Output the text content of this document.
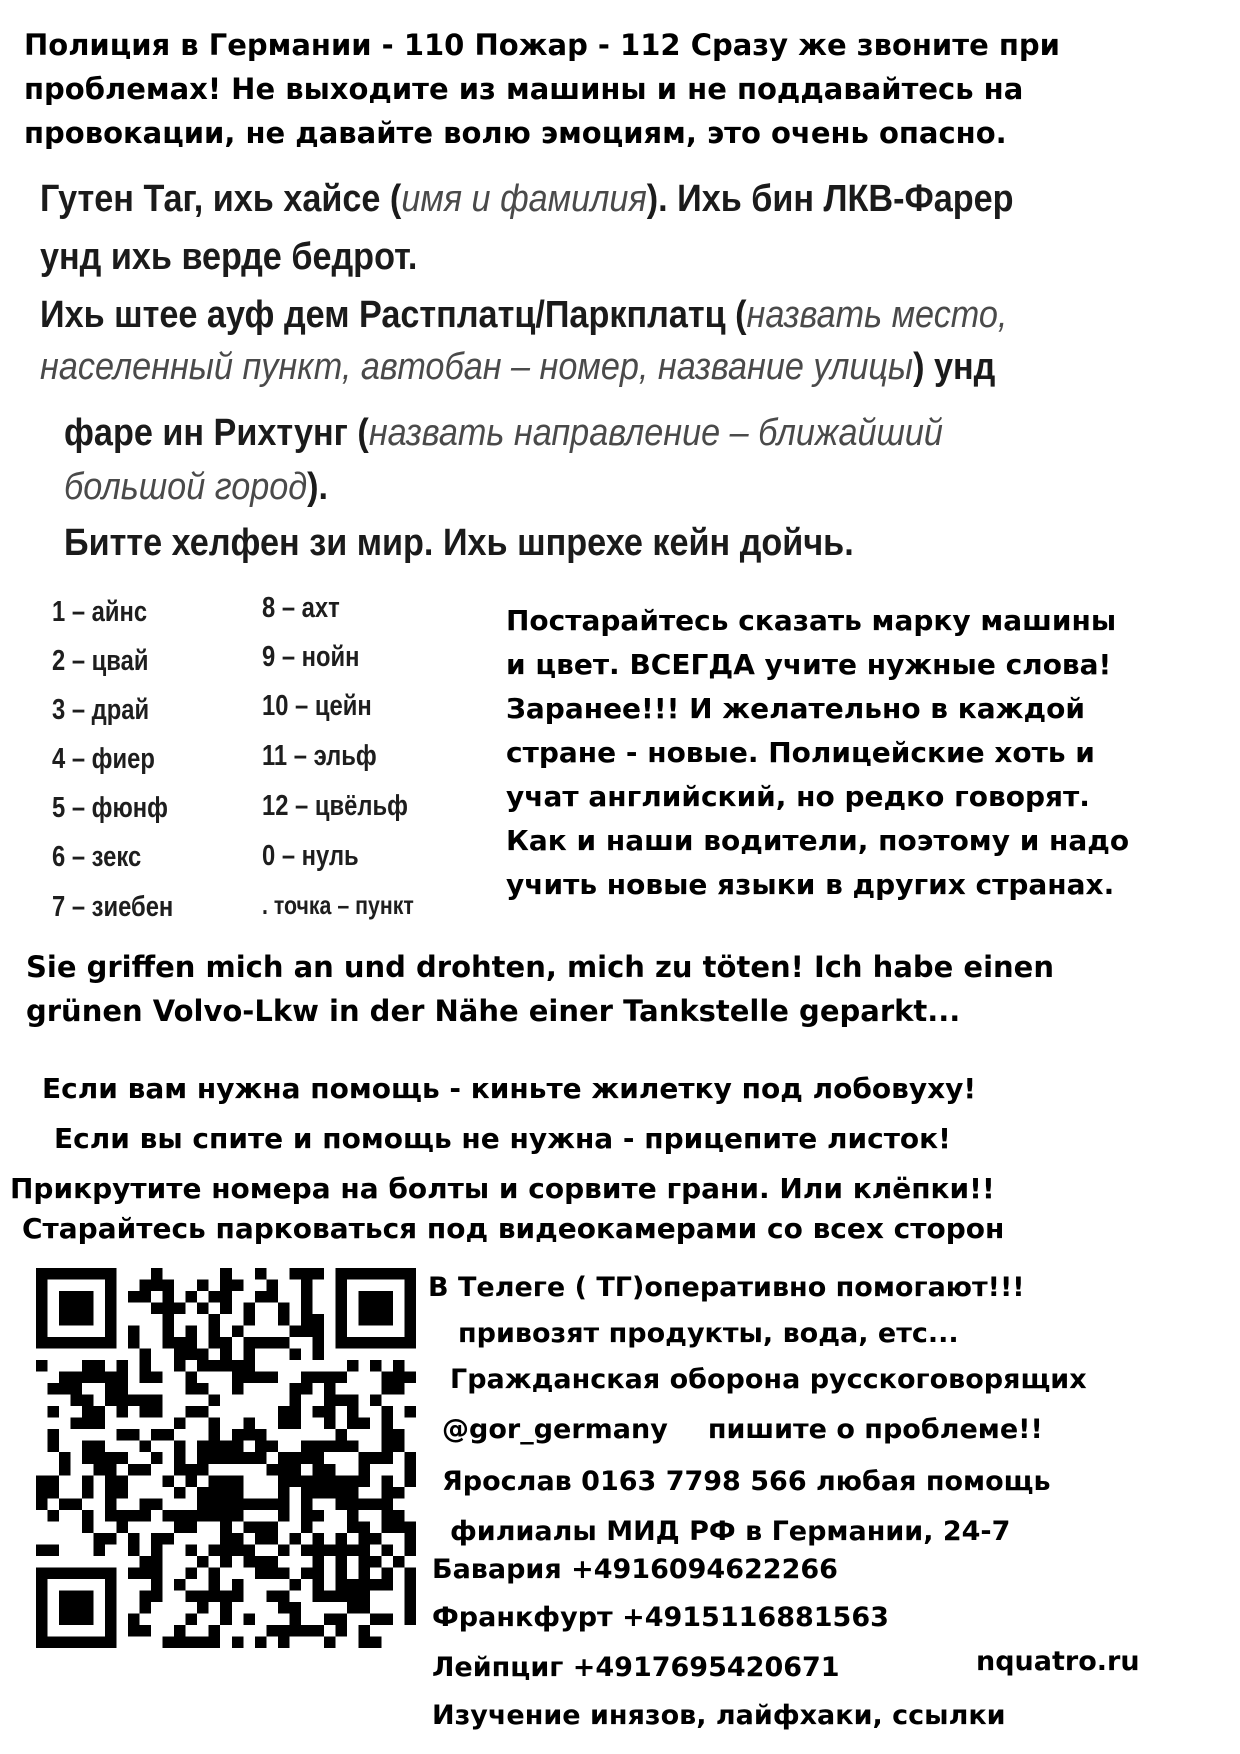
Полиция в Германии - 110 Пожар - 112 Сразу же звоните при
проблемах! Не выходите из машины и не поддавайтесь на
провокации, не давайте волю эмоциям, это очень опасно.
Гутен Таг, ихь хайсе (имя и фамилия). Ихь бин ЛКВ-Фарер
унд ихь верде бедрот.
Ихь штее ауф дем Растплатц/Паркплатц (назвать место,
населенный пункт, автобан – номер, название улицы) унд
фаре ин Рихтунг (назвать направление – ближайший
большой город).
Битте хелфен зи мир. Ихь шпрехе кейн дойчь.
1 – айнс
2 – цвай
3 – драй
4 – фиер
5 – фюнф
6 – зекс
7 – зиебен
8 – ахт
9 – нойн
10 – цейн
11 – эльф
12 – цвёльф
0 – нуль
. точка – пункт
Постарайтесь сказать марку машины
и цвет. ВСЕГДА учите нужные слова!
Заранее!!! И желательно в каждой
стране - новые. Полицейские хоть и
учат английский, но редко говорят.
Как и наши водители, поэтому и надо
учить новые языки в других странах.
Sie griffen mich an und drohten, mich zu töten! Ich habe einen
grünen Volvo-Lkw in der Nähe einer Tankstelle geparkt...
Если вам нужна помощь - киньте жилетку под лобовуху!
Если вы спите и помощь не нужна - прицепите листок!
Прикрутите номера на болты и сорвите грани. Или клёпки!!
Старайтесь парковаться под видеокамерами со всех сторон
В Телеге ( ТГ)оперативно помогают!!!
привозят продукты, вода, етс...
Гражданская оборона русскоговорящих
@gor_germany пишите о проблеме!!
Ярослав 0163 7798 566 любая помощь
филиалы МИД РФ в Германии, 24-7
Бавария +4916094622266
Франкфурт +4915116881563
Лейпциг +4917695420671	nquatro.ru
Изучение инязов, лайфхаки, ссылки
